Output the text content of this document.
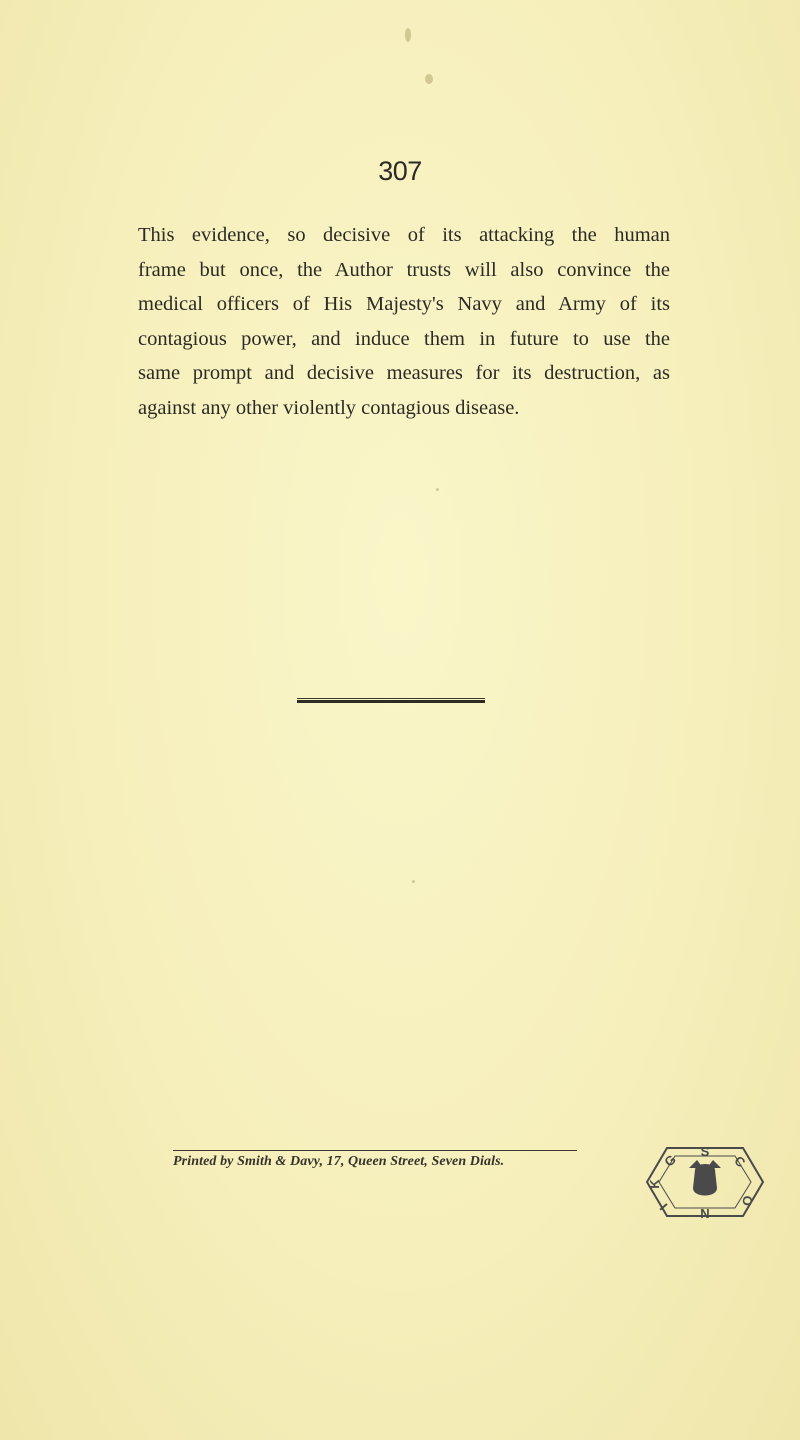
307
This evidence, so decisive of its attacking the human
frame but once, the Author trusts will also convince the
medical officers of His Majesty's Navy and Army of its
contagious power, and induce them in future to use the
same prompt and decisive measures for its destruction, as
against any other violently contagious disease.
Printed by Smith & Davy, 17, Queen Street, Seven Dials.
S
C
O
N
K
I
G
